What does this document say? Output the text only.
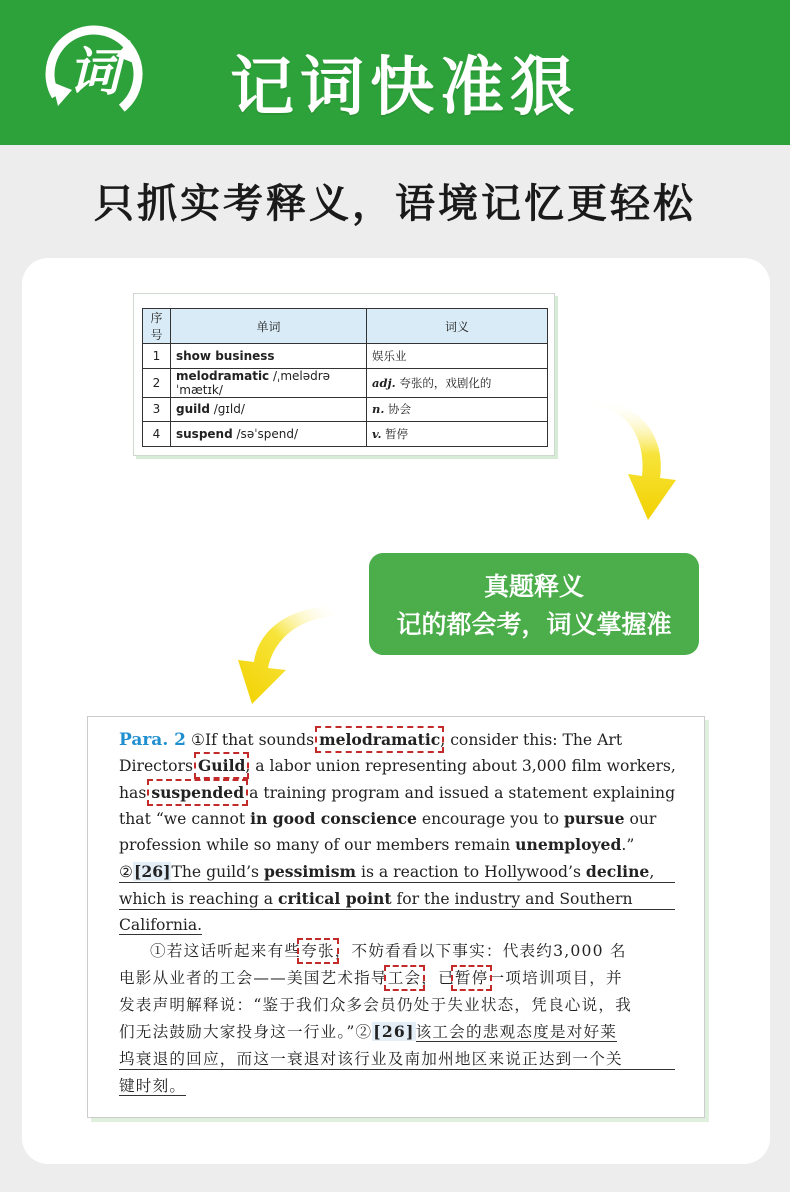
词 记词快准狠
只抓实考释义，语境记忆更轻松
序号	单词	词义
1	show business	娱乐业
2	melodramatic /ˌmelədrəˈmætɪk/	adj. 夸张的，戏剧化的
3	guild /ɡɪld/	n. 协会
4	suspend /səˈspend/	v. 暂停
真题释义
记的都会考，词义掌握准
Para. 2 ①If that sounds melodramatic, consider this: The Art
Directors Guild, a labor union representing about 3,000 film workers,
has suspended a training program and issued a statement explaining
that “we cannot in good conscience encourage you to pursue our
profession while so many of our members remain unemployed.”
②[26]The guild’s pessimism is a reaction to Hollywood’s decline,
which is reaching a critical point for the industry and Southern
California.
①若这话听起来有些夸张，不妨看看以下事实：代表约3,000 名
电影从业者的工会——美国艺术指导工会，已暂停一项培训项目，并
发表声明解释说：“鉴于我们众多会员仍处于失业状态，凭良心说，我
们无法鼓励大家投身这一行业。”②[26]该工会的悲观态度是对好莱
坞衰退的回应，而这一衰退对该行业及南加州地区来说正达到一个关
键时刻。
